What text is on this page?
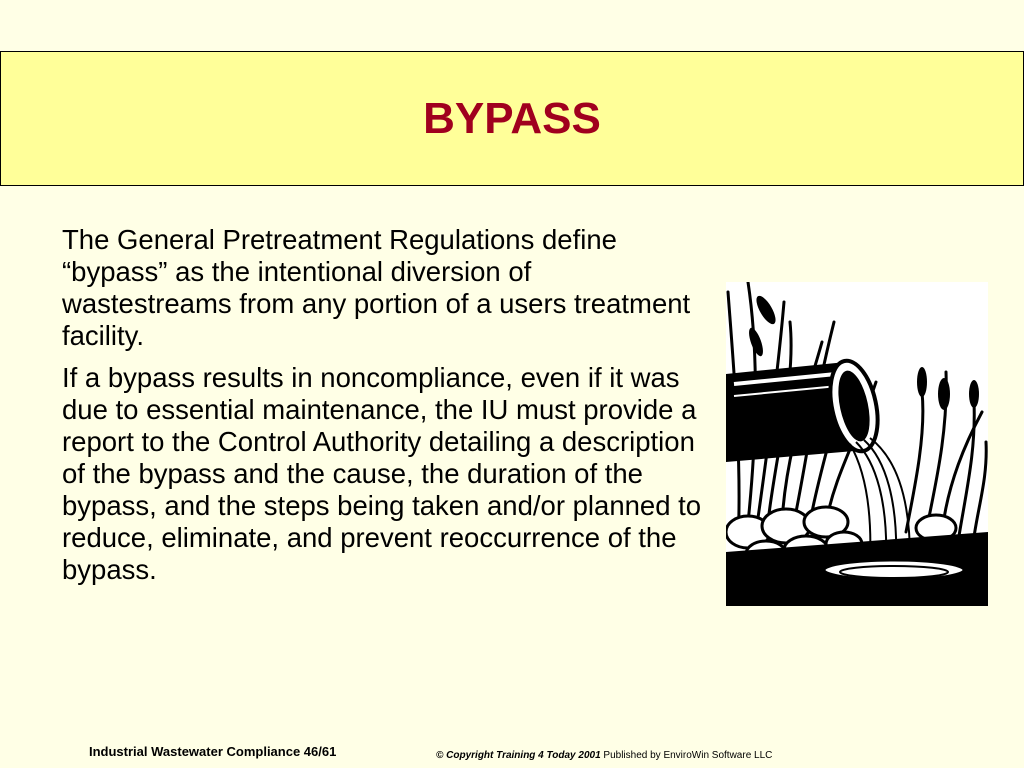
BYPASS

The General Pretreatment Regulations define “bypass” as the intentional diversion of wastestreams from any portion of a users treatment facility.

If a bypass results in noncompliance, even if it was due to essential maintenance, the IU must provide a report to the Control Authority detailing a description of the bypass and the cause, the duration of the bypass, and the steps being taken and/or planned to reduce, eliminate, and prevent reoccurrence of the bypass.

Industrial Wastewater Compliance 46/61	© Copyright Training 4 Today 2001 Published by EnviroWin Software LLC
